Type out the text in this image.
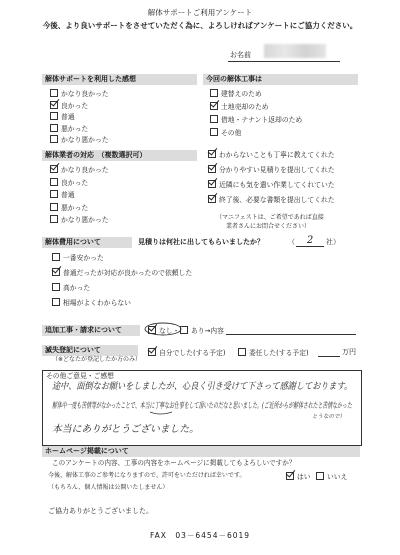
解体サポートご利用アンケート
今後、より良いサポートをさせていただく為に、よろしければアンケートにご協力ください。
お名前
解体サポートを利用した感想
かなり良かった
良かった
普通
悪かった
かなり悪かった
今回の解体工事は
建替えのため
土地売却のため
借地・テナント返却のため
その他
解体業者の対応　（複数選択可）
かなり良かった
良かった
普通
悪かった
かなり悪かった
わからないことも丁寧に教えてくれた
分かりやすい見積りを提出してくれた
近隣にも気を遣い作業してくれていた
終了後、必要な書類を提出してくれた
（マニフェストは、ご希望であれば直接
業者さんにお問合せください）
解体費用について	見積りは何社に出してもらいましたか？	（	2	社）
一番安かった
普通だったが対応が良かったので依頼した
高かった
相場がよくわからない
追加工事・請求について	なし・	あり→内容
滅失登記について
（※どなたが登記したか方のみ）
自分でした(する予定)	委任した(する予定)	万円
その他ご意見・ご感想
途中、面倒なお願いをしましたが、心良く引き受けて下さって感謝しております。
解体中一度も苦情等がなかったことで、本当に丁寧なお仕事をして頂いたのだなと思いました。(ご近所からが解体されたと苦情なかった
とうなので）
本当にありがとうございました。
ホームページ掲載について
このアンケートの内容、工事の内容をホームページに掲載してもよろしいですか？
今後、解体工事のご参考になりますので、許可をいただければ幸いです。
（もちろん、個人情報は公開いたしません）
はい	いいえ
ご協力ありがとうございました。
FAX　03－6454－6019
